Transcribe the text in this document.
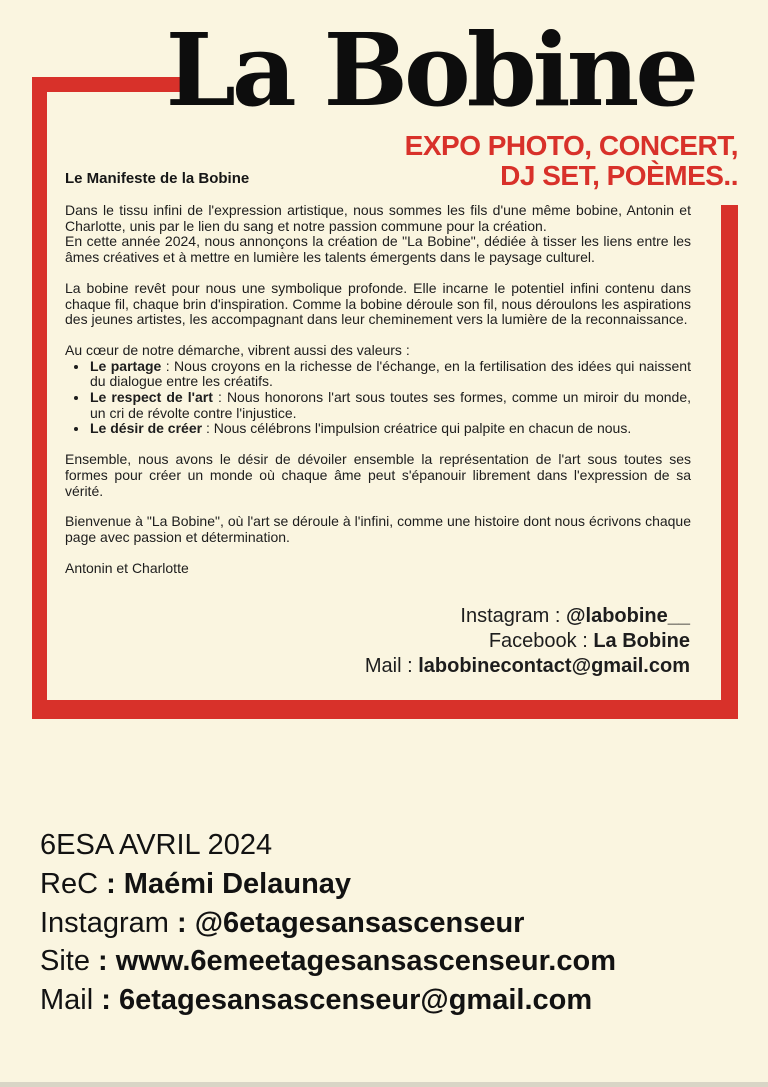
La Bobine
EXPO PHOTO, CONCERT,
DJ SET, POÈMES..
Le Manifeste de la Bobine

Dans le tissu infini de l'expression artistique, nous sommes les fils d'une même bobine, Antonin et Charlotte, unis par le lien du sang et notre passion commune pour la création.

En cette année 2024, nous annonçons la création de "La Bobine", dédiée à tisser les liens entre les âmes créatives et à mettre en lumière les talents émergents dans le paysage culturel.

La bobine revêt pour nous une symbolique profonde. Elle incarne le potentiel infini contenu dans chaque fil, chaque brin d'inspiration. Comme la bobine déroule son fil, nous déroulons les aspirations des jeunes artistes, les accompagnant dans leur cheminement vers la lumière de la reconnaissance.

Au cœur de notre démarche, vibrent aussi des valeurs :

• Le partage : Nous croyons en la richesse de l'échange, en la fertilisation des idées qui naissent du dialogue entre les créatifs.
• Le respect de l'art : Nous honorons l'art sous toutes ses formes, comme un miroir du monde, un cri de révolte contre l'injustice.
• Le désir de créer : Nous célébrons l'impulsion créatrice qui palpite en chacun de nous.

Ensemble, nous avons le désir de dévoiler ensemble la représentation de l'art sous toutes ses formes pour créer un monde où chaque âme peut s'épanouir librement dans l'expression de sa vérité.

Bienvenue à "La Bobine", où l'art se déroule à l'infini, comme une histoire dont nous écrivons chaque page avec passion et détermination.

Antonin et Charlotte

Instagram : @labobine__
Facebook : La Bobine
Mail : labobinecontact@gmail.com
6ESA AVRIL 2024
ReC : Maémi Delaunay
Instagram : @6etagesansascenseur
Site : www.6emeetagesansascenseur.com
Mail : 6etagesansascenseur@gmail.com
